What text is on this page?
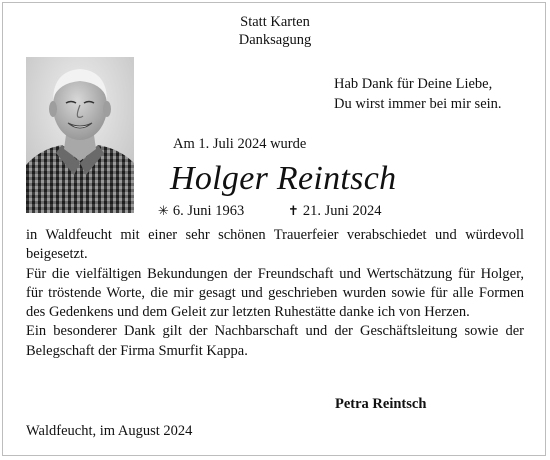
Statt Karten
Danksagung
Hab Dank für Deine Liebe,
Du wirst immer bei mir sein.
Am 1. Juli 2024 wurde
Holger Reintsch
✳ 6. Juni 1963	✝ 21. Juni 2024

in Waldfeucht mit einer sehr schönen Trauerfeier verabschiedet und würdevoll beigesetzt.

Für die vielfältigen Bekundungen der Freundschaft und Wertschätzung für Holger, für tröstende Worte, die mir gesagt und geschrieben wurden sowie für alle Formen des Gedenkens und dem Geleit zur letzten Ruhestätte danke ich von Herzen.

Ein besonderer Dank gilt der Nachbarschaft und der Geschäftsleitung sowie der Belegschaft der Firma Smurfit Kappa.

Petra Reintsch
Waldfeucht, im August 2024
